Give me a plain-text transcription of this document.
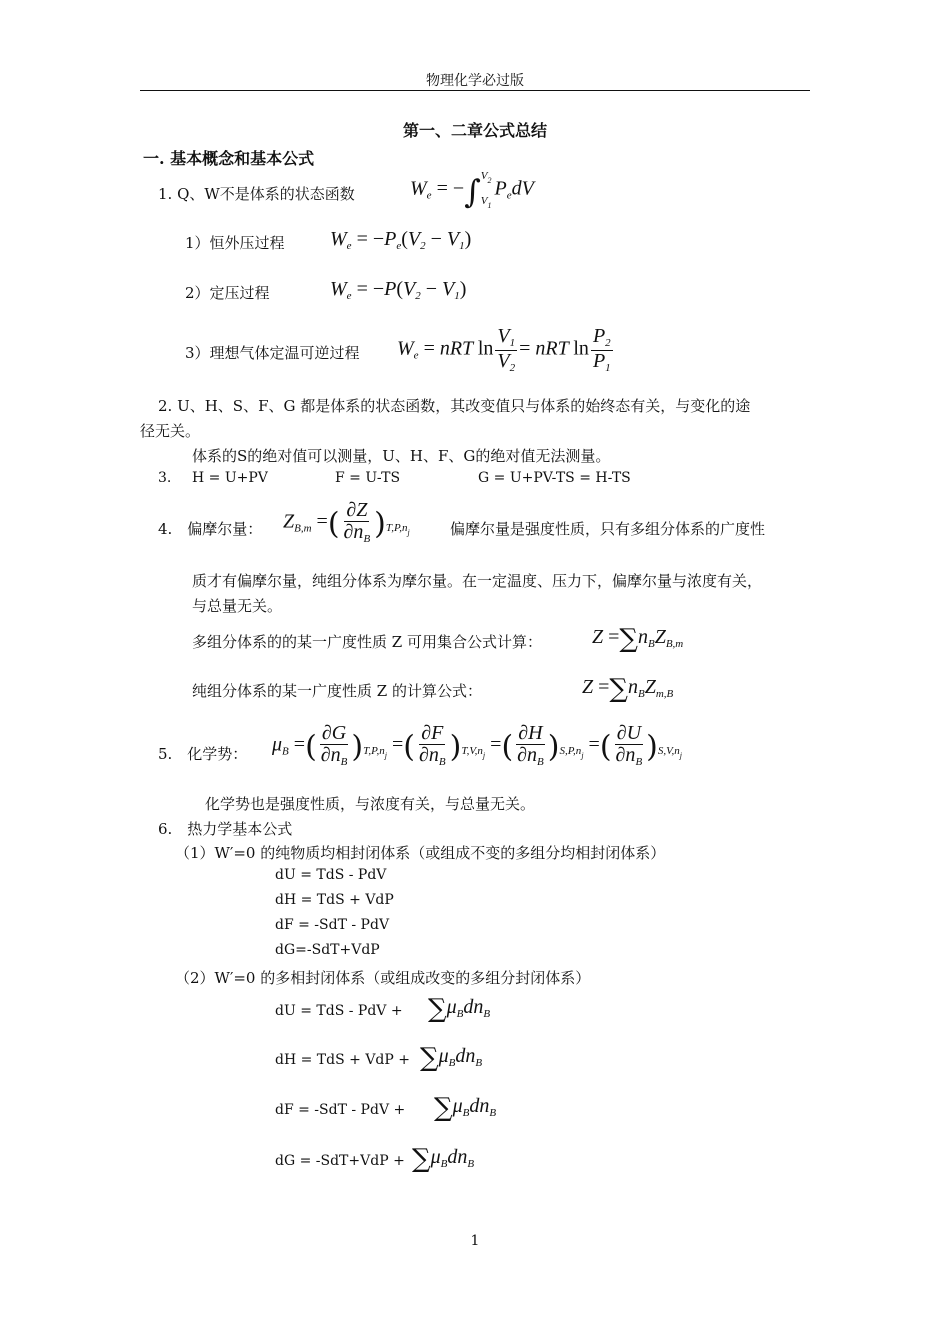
物理化学必过版
第一、二章公式总结
一. 基本概念和基本公式
1. Q、W不是体系的状态函数	$W_e$ = −∫ $V_2$
$V_1$
$P_edV$
1）恒外压过程 $W_e = -P_e(V_2 - V_1)$
2）定压过程	$W_e = -P(V_2 - V_1)$
3）理想气体定温可逆过程 $W_e$ = nRT $\ln \frac{V_1}{V_2}$ = nRT $\ln \frac{P_2}{P_1}$
2. U、H、S、F、G 都是体系的状态函数，其改变值只与体系的始终态有关，与变化的途
径无关。
体系的S的绝对值可以测量，U、H、F、G的绝对值无法测量。
3. H = U+PV	F = U-TS	G = U+PV-TS = H-TS
4.　偏摩尔量： $Z_{B,m}$ =( $\frac{\partial Z}{\partial n_B} )_{T,P,n_j}$	偏摩尔量是强度性质，只有多组分体系的广度性
质才有偏摩尔量，纯组分体系为摩尔量。在一定温度、压力下，偏摩尔量与浓度有关，
与总量无关。
多组分体系的的某一广度性质 Z 可用集合公式计算：	$Z =\sum n_BZ_{B,m}$
纯组分体系的某一广度性质 Z 的计算公式：	$Z =\sum n_BZ_{m,B}$
5.　化学势： $\mu_B$ =( $\frac{\partial G}{\partial n_B} )_{T,P,n_j}$ =( $\frac{\partial F}{\partial n_B} )_{T,V,n_j}$ =( $\frac{\partial H}{\partial n_B} )_{S,P,n_j}$ =( $\frac{\partial U}{\partial n_B} )_{S,V,n_j}$
化学势也是强度性质，与浓度有关，与总量无关。
6.　热力学基本公式
（1）W′=0 的纯物质均相封闭体系（或组成不变的多组分均相封闭体系）
dU = TdS - PdV
dH = TdS + VdP
dF = -SdT - PdV
dG=-SdT+VdP
（2）W′=0 的多相封闭体系（或组成改变的多组分封闭体系）
dU = TdS - PdV + $\sum\mu_Bdn_B$
dH = TdS + VdP + $\sum\mu_Bdn_B$
dF = -SdT - PdV + $\sum\mu_Bdn_B$
dG = $-SdT+VdP + \sum\mu_Bdn_B$
1
